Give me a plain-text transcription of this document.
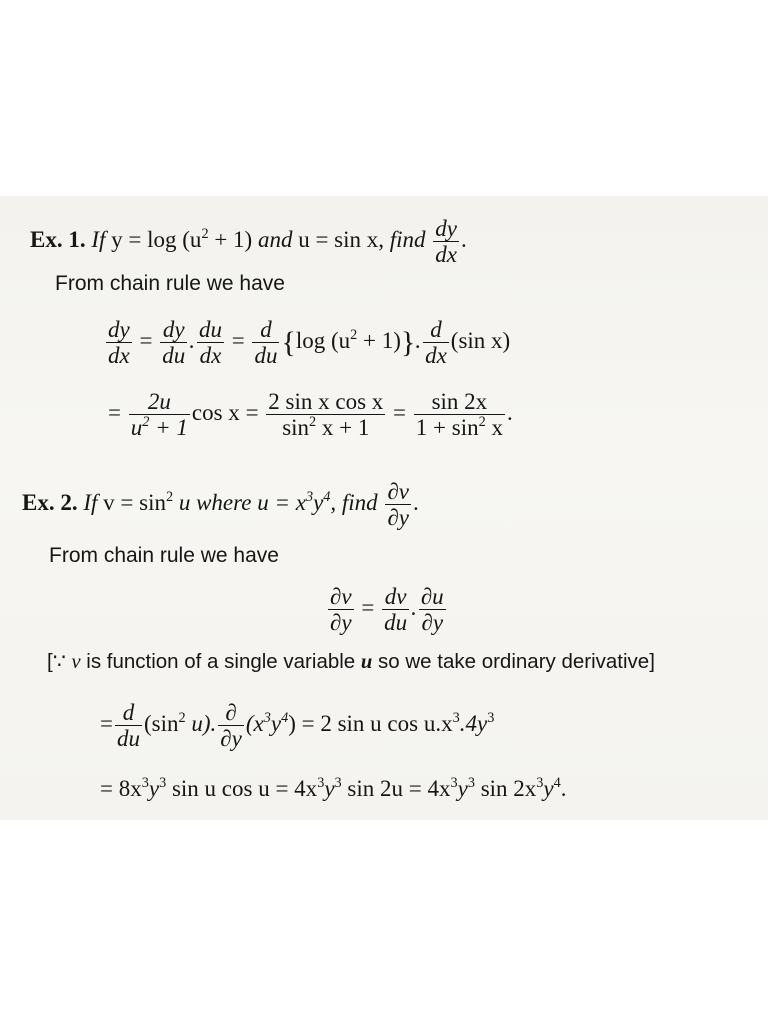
Ex. 1. If $y = \log (u^2 + 1)$ and u = sin x, find $\frac{dy}{dx}$ .
From chain rule we have
$\frac{dy}{dx} = \frac{dy}{du}$ . $\frac{du}{dx} = \frac{d}{du} \{\log$ $(u^2 + 1)$}. $\frac{d}{dx} (\sin$ x)
= $\frac{2u}{u^2 + 1}$ $\cos x = \frac{\text{2 sin x cos x}}{\sin^2 x + 1} = \frac{\sin 2x}{1 + \sin^2 x}$ .
Ex. 2. If $v = \sin^2 u$ where $u = x^3y^4$, find $\frac{\partial v}{\partial y}$ .
From chain rule we have
$\frac{\partial v}{\partial y} = \frac{dv}{du}$ . $\frac{\partial u}{\partial y}$
[∵ v is function of a single variable u so we take ordinary derivative]
= $\frac{d}{du} (\sin^2$ u). $\frac{\partial}{\partial y} (x^3y^4) = 2$ sin u $\cos u.x^3.4y^3$
= $8x^3y^3$ sin u $\cos u = 4x^3y^3$ $\sin 2u = 4x^3y^3$ $\sin 2x^3y^4$.
